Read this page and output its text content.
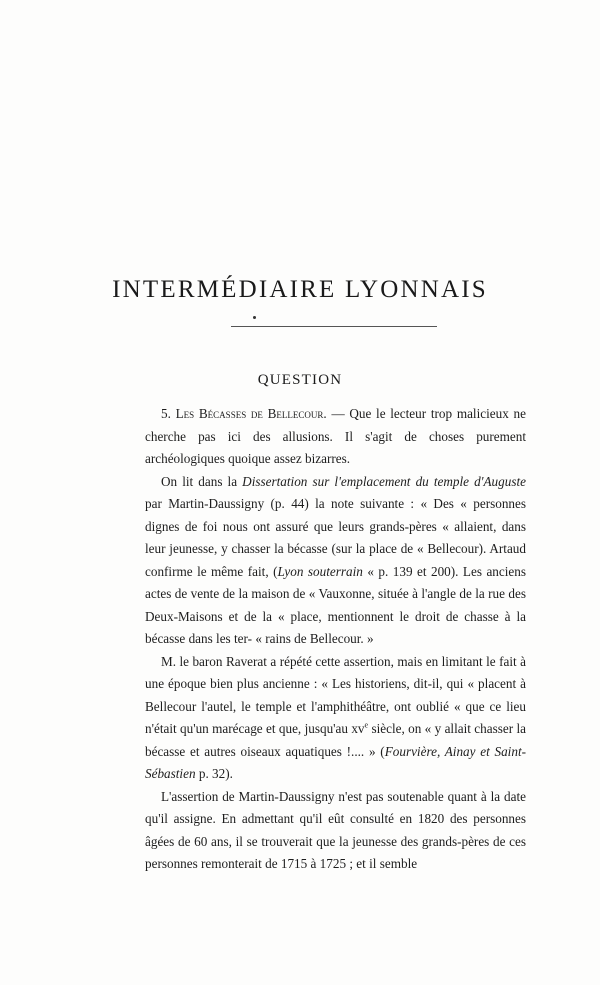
INTERMÉDIAIRE LYONNAIS
QUESTION

5. Les Bécasses de Bellecour. — Que le lecteur trop malicieux ne cherche pas ici des allusions. Il s'agit de choses purement archéologiques quoique assez bizarres.

On lit dans la Dissertation sur l'emplacement du temple d'Auguste par Martin-Daussigny (p. 44) la note suivante : « Des « personnes dignes de foi nous ont assuré que leurs grands-pères « allaient, dans leur jeunesse, y chasser la bécasse (sur la place de « Bellecour). Artaud confirme le même fait, (Lyon souterrain « p. 139 et 200). Les anciens actes de vente de la maison de « Vauxonne, située à l'angle de la rue des Deux-Maisons et de la « place, mentionnent le droit de chasse à la bécasse dans les ter- « rains de Bellecour. »

M. le baron Raverat a répété cette assertion, mais en limitant le fait à une époque bien plus ancienne : « Les historiens, dit-il, qui « placent à Bellecour l'autel, le temple et l'amphithéâtre, ont oublié « que ce lieu n'était qu'un marécage et que, jusqu'au $xv^e$ siècle, on « y allait chasser la bécasse et autres oiseaux aquatiques !.... » (Fourvière, Ainay et Saint-Sébastien p. 32).

L'assertion de Martin-Daussigny n'est pas soutenable quant à la date qu'il assigne. En admettant qu'il eût consulté en 1820 des personnes âgées de 60 ans, il se trouverait que la jeunesse des grands-pères de ces personnes remonterait de 1715 à 1725 ; et il semble
